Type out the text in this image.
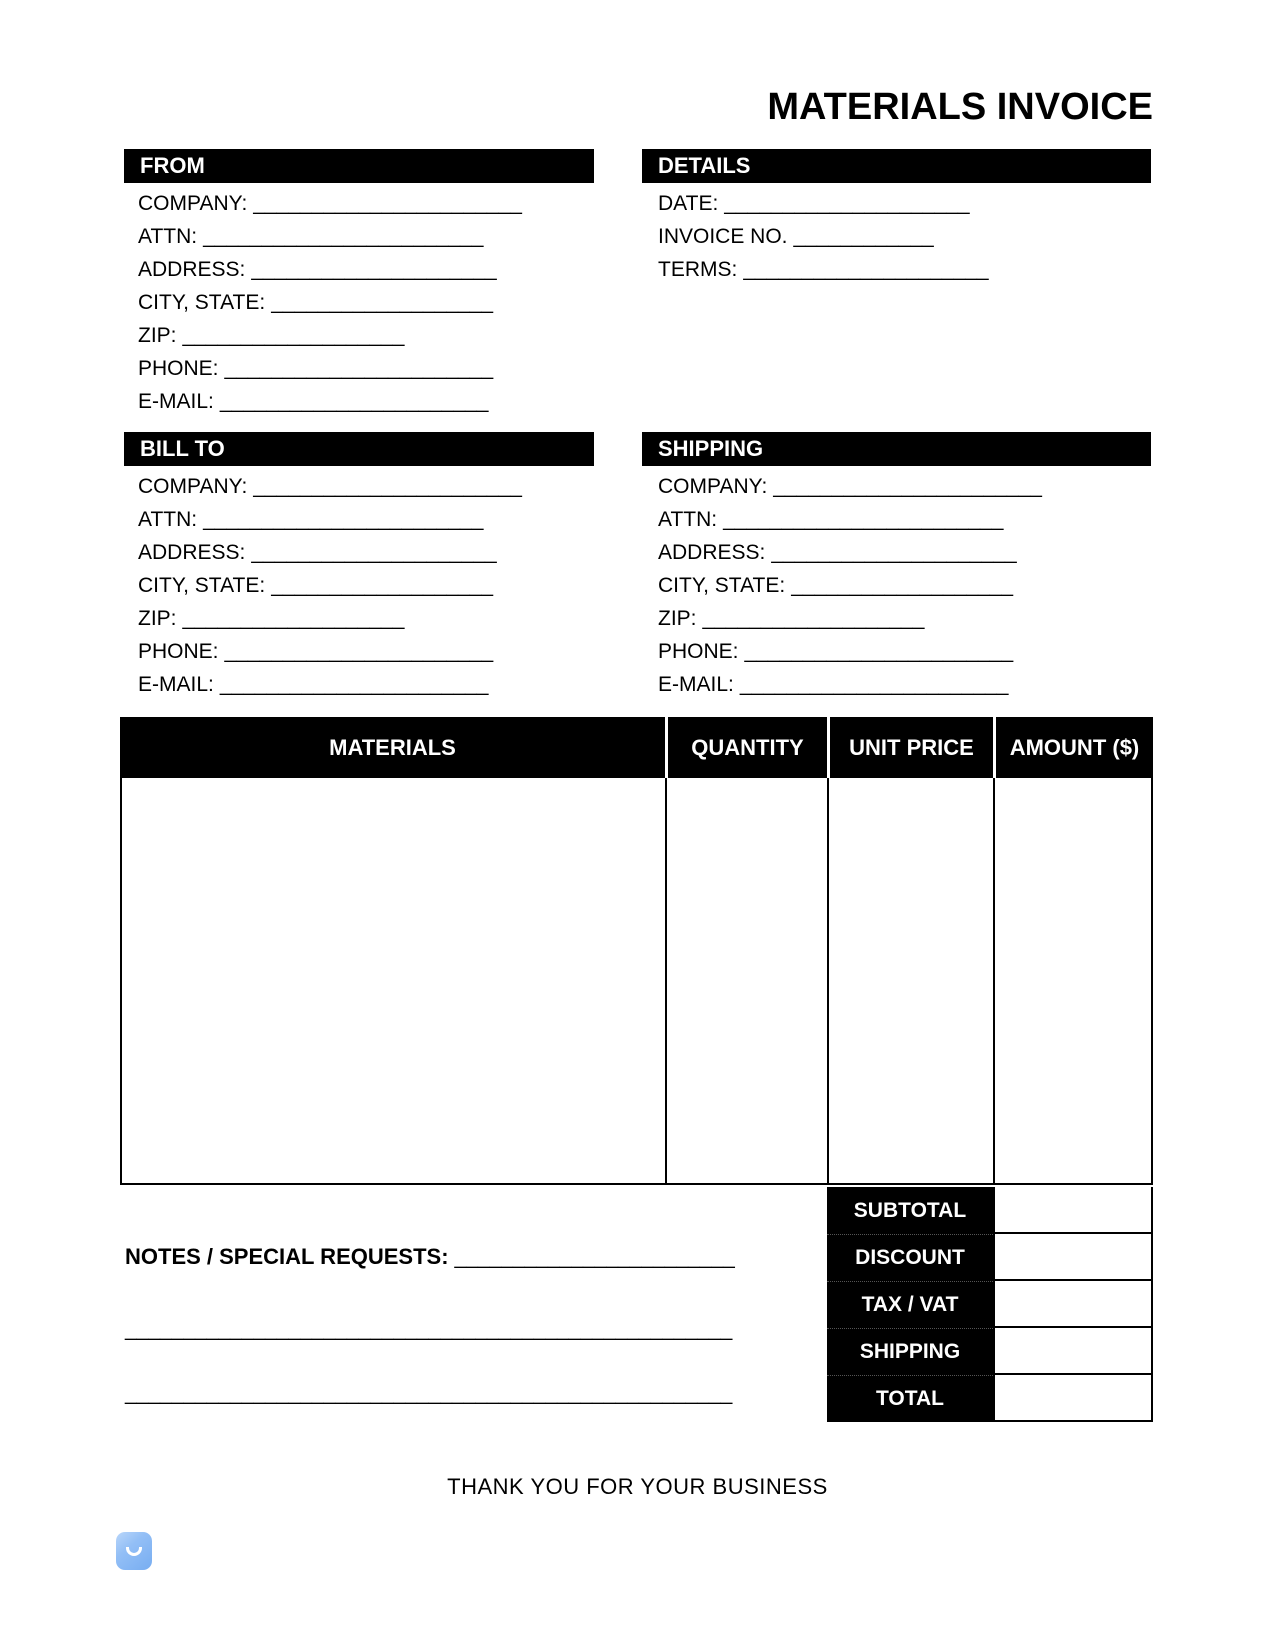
MATERIALS INVOICE
FROM
COMPANY: _______________________
ATTN: ________________________
ADDRESS: _____________________
CITY, STATE: ___________________
ZIP: ___________________
PHONE: _______________________
E-MAIL: _______________________
DETAILS
DATE: _____________________
INVOICE NO. ____________
TERMS: _____________________
BILL TO
COMPANY: _______________________
ATTN: ________________________
ADDRESS: _____________________
CITY, STATE: ___________________
ZIP: ___________________
PHONE: _______________________
E-MAIL: _______________________
SHIPPING
COMPANY: _______________________
ATTN: ________________________
ADDRESS: _____________________
CITY, STATE: ___________________
ZIP: ___________________
PHONE: _______________________
E-MAIL: _______________________
MATERIALS	QUANTITY	UNIT PRICE	AMOUNT ($)
SUBTOTAL
DISCOUNT
TAX / VAT
SHIPPING
TOTAL
NOTES / SPECIAL REQUESTS: ________________________
____________________________________________________
____________________________________________________
THANK YOU FOR YOUR BUSINESS
